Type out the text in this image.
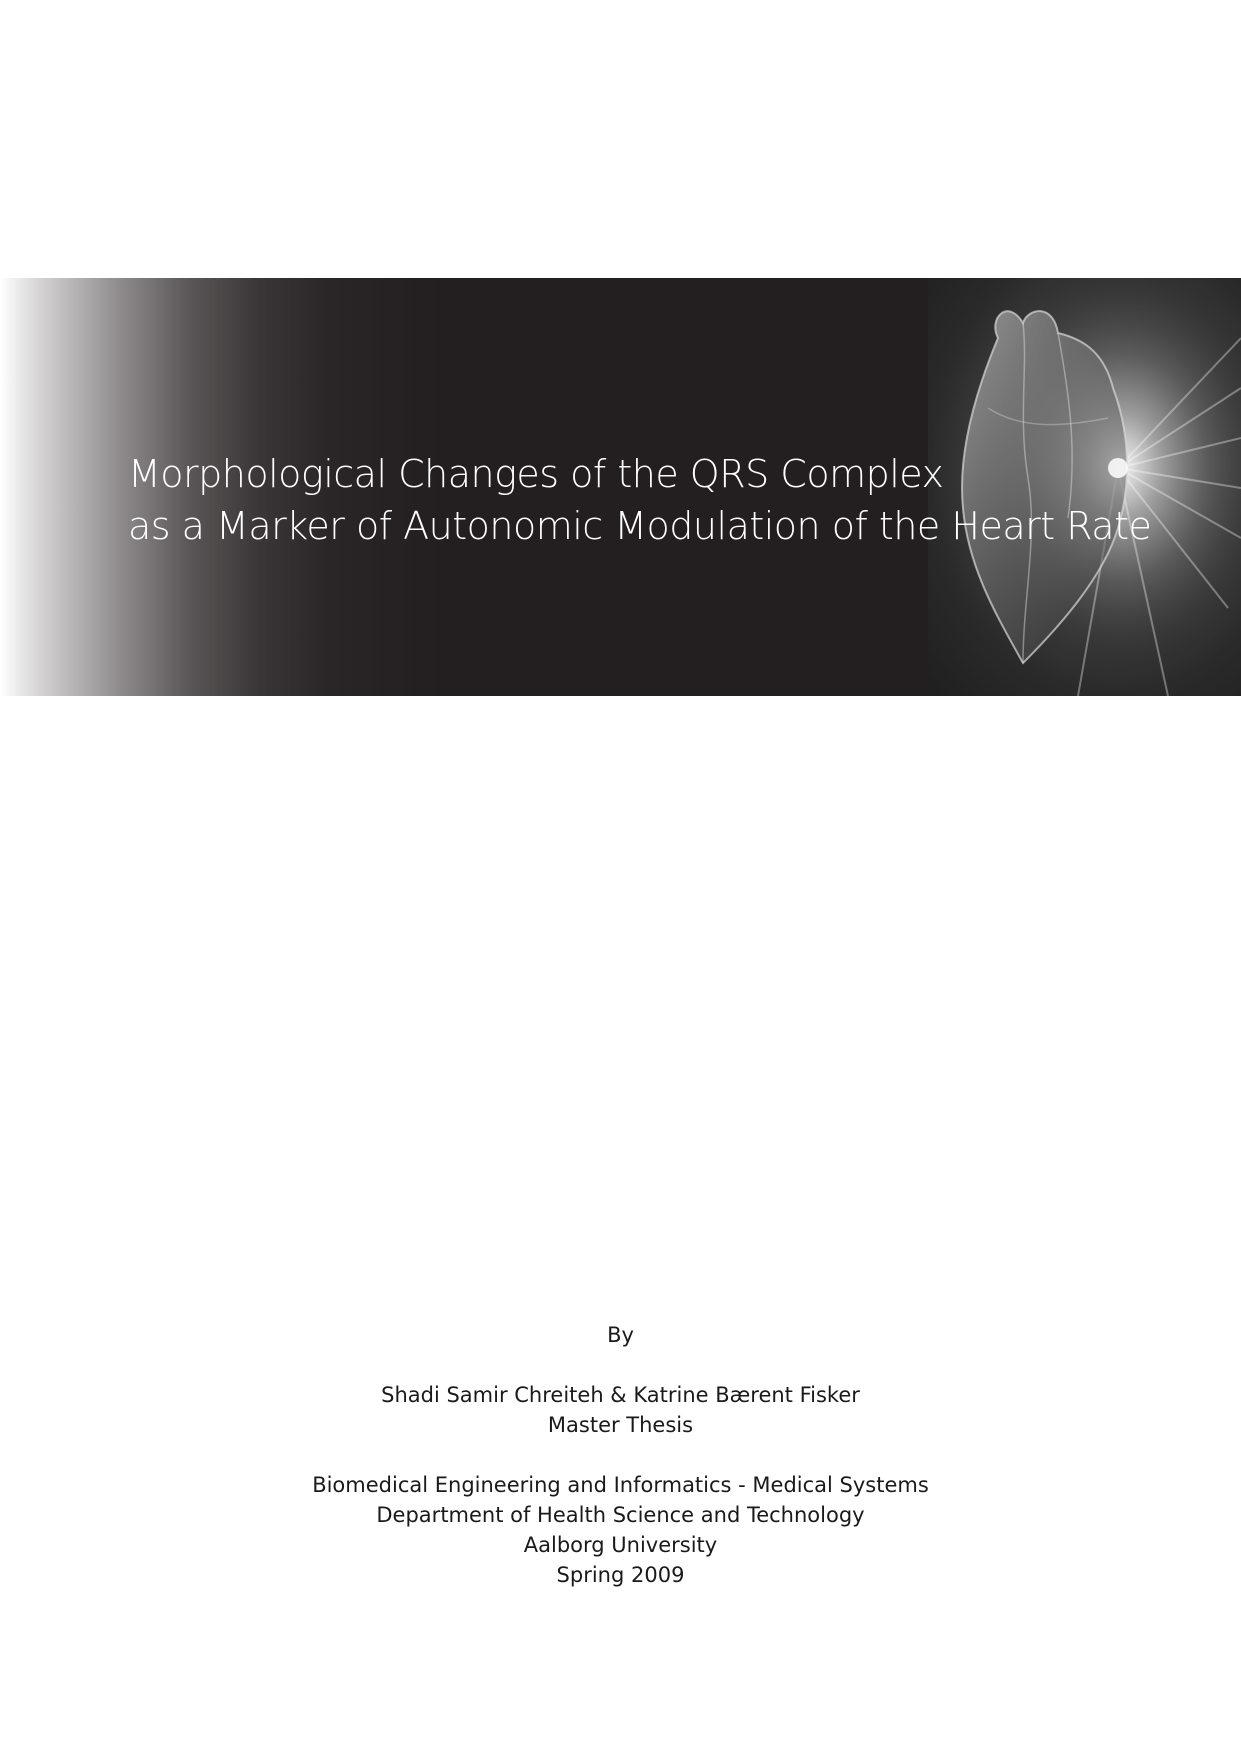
Morphological Changes of the QRS Complex
as a Marker of Autonomic Modulation of the Heart Rate
By
Shadi Samir Chreiteh & Katrine Bærent Fisker
Master Thesis
Biomedical Engineering and Informatics - Medical Systems
Department of Health Science and Technology
Aalborg University
Spring 2009
